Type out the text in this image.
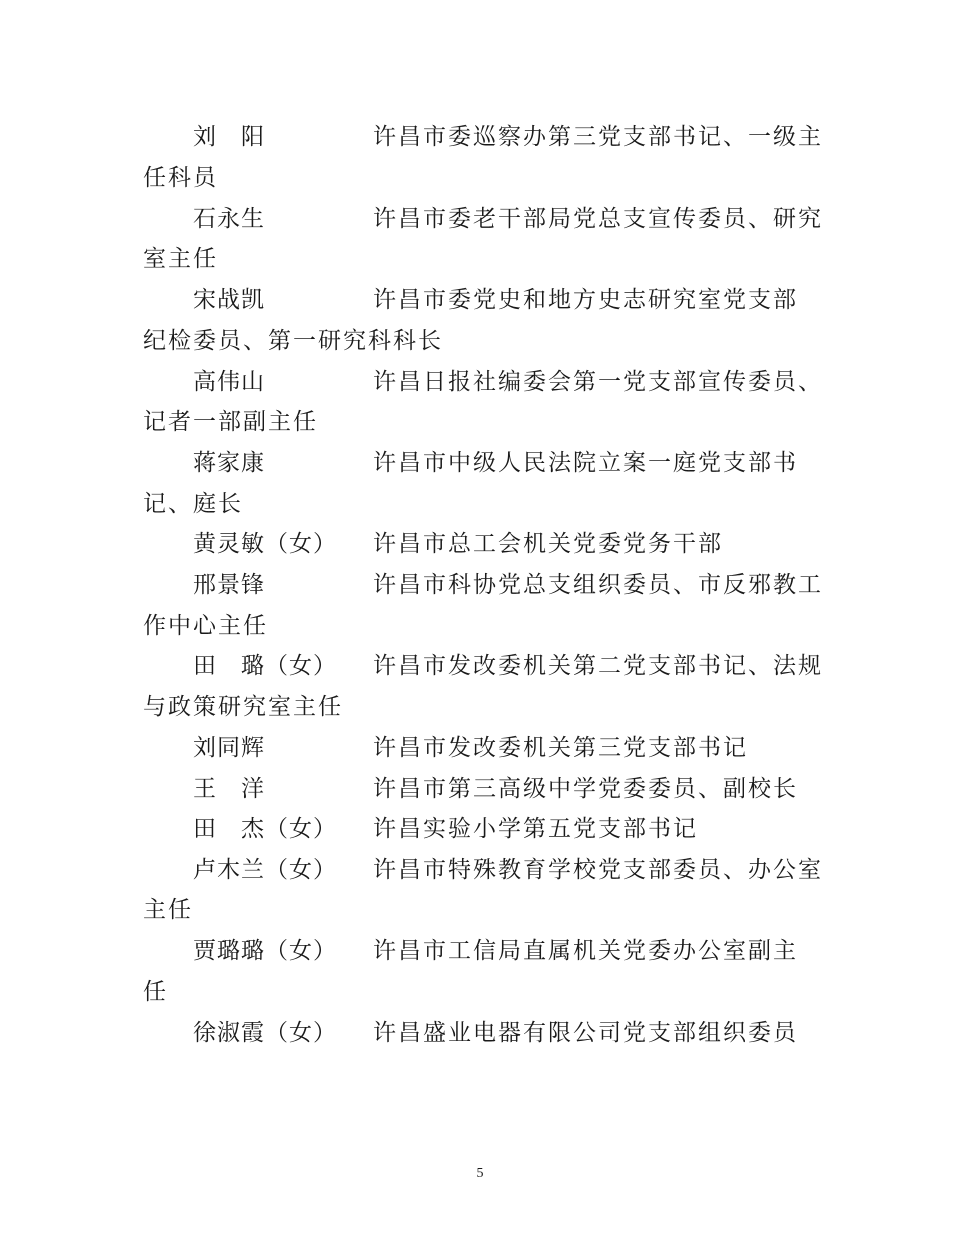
刘　阳	许昌市委巡察办第三党支部书记、一级主
任科员
石永生	许昌市委老干部局党总支宣传委员、研究
室主任
宋战凯	许昌市委党史和地方史志研究室党支部
纪检委员、第一研究科科长
高伟山	许昌日报社编委会第一党支部宣传委员、
记者一部副主任
蒋家康	许昌市中级人民法院立案一庭党支部书
记、庭长
黄灵敏（女）	许昌市总工会机关党委党务干部
邢景锋	许昌市科协党总支组织委员、市反邪教工
作中心主任
田　璐（女）	许昌市发改委机关第二党支部书记、法规
与政策研究室主任
刘同辉	许昌市发改委机关第三党支部书记
王　洋	许昌市第三高级中学党委委员、副校长
田　杰（女）	许昌实验小学第五党支部书记
卢木兰（女）	许昌市特殊教育学校党支部委员、办公室
主任
贾璐璐（女）	许昌市工信局直属机关党委办公室副主
任
徐淑霞（女）	许昌盛业电器有限公司党支部组织委员
5
